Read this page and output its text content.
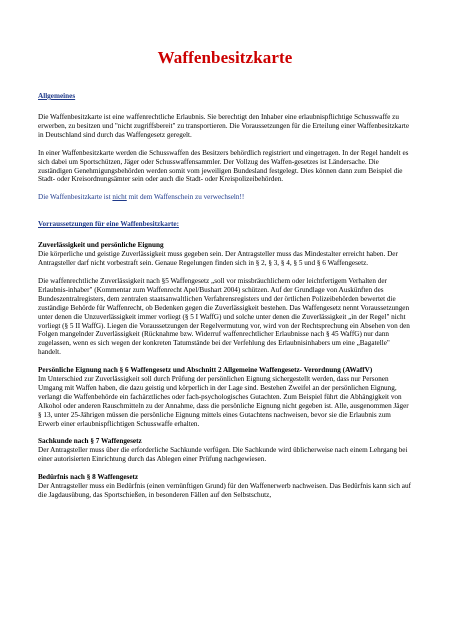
Waffenbesitzkarte
Allgemeines

Die Waffenbesitzkarte ist eine waffenrechtliche Erlaubnis. Sie berechtigt den Inhaber eine erlaubnispflichtige Schusswaffe zu erwerben, zu besitzen und "nicht zugriffsbereit" zu transportieren. Die Voraussetzungen für die Erteilung einer Waffenbesitzkarte in Deutschland sind durch das Waffengesetz geregelt.

In einer Waffenbesitzkarte werden die Schusswaffen des Besitzers behördlich registriert und eingetragen. In der Regel handelt es sich dabei um Sportschützen, Jäger oder Schusswaffensammler. Der Vollzug des Waffen-gesetzes ist Ländersache. Die zuständigen Genehmigungsbehörden werden somit vom jeweiligen Bundesland festgelegt. Dies können dann zum Beispiel die Stadt- oder Kreisordnungsämter sein oder auch die Stadt- oder Kreispolizeibehörden.

Die Waffenbesitzkarte ist nicht mit dem Waffenschein zu verwechseln!!

Vorraussetzungen für eine Waffenbesitzkarte:
Zuverlässigkeit und persönliche Eignung

Die körperliche und geistige Zuverlässigkeit muss gegeben sein. Der Antragsteller muss das Mindestalter erreicht haben. Der Antragsteller darf nicht vorbestraft sein. Genaue Regelungen finden sich in § 2, § 3, § 4, § 5 und § 6 Waffengesetz.

Die waffenrechtliche Zuverlässigkeit nach §5 Waffengesetz „soll vor missbräuchlichem oder leichtfertigem Verhalten der Erlaubnis-inhaber" (Kommentar zum Waffenrecht Apel/Bushart 2004) schützen. Auf der Grundlage von Auskünften des Bundeszentralregisters, dem zentralen staatsanwaltlichen Verfahrensregisters und der örtlichen Polizeibehörden bewertet die zuständige Behörde für Waffenrecht, ob Bedenken gegen die Zuverlässigkeit bestehen. Das Waffengesetz nennt Voraussetzungen unter denen die Unzuverlässigkeit immer vorliegt (§ 5 I WaffG) und solche unter denen die Zuverlässigkeit „in der Regel" nicht vorliegt (§ 5 II WaffG). Liegen die Voraussetzungen der Regelvermutung vor, wird von der Rechtsprechung ein Absehen von den Folgen mangelnder Zuverlässigkeit (Rücknahme bzw. Widerruf waffenrechtlicher Erlaubnisse nach § 45 WaffG) nur dann zugelassen, wenn es sich wegen der konkreten Tatumstände bei der Verfehlung des Erlaubnisinhabers um eine „Bagatelle" handelt.

Persönliche Eignung nach § 6 Waffengesetz und Abschnitt 2 Allgemeine Waffengesetz- Verordnung (AWaffV)

Im Unterschied zur Zuverlässigkeit soll durch Prüfung der persönlichen Eignung sichergestellt werden, dass nur Personen Umgang mit Waffen haben, die dazu geistig und körperlich in der Lage sind. Bestehen Zweifel an der persönlichen Eignung, verlangt die Waffenbehörde ein fachärztliches oder fach-psychologisches Gutachten. Zum Beispiel führt die Abhängigkeit von Alkohol oder anderen Rauschmitteln zu der Annahme, dass die persönliche Eignung nicht gegeben ist. Alle, ausgenommen Jäger § 13, unter 25-Jährigen müssen die persönliche Eignung mittels eines Gutachtens nachweisen, bevor sie die Erlaubnis zum Erwerb einer erlaubnispflichtigen Schusswaffe erhalten.

Sachkunde nach § 7 Waffengesetz

Der Antragsteller muss über die erforderliche Sachkunde verfügen. Die Sachkunde wird üblicherweise nach einem Lehrgang bei einer autorisierten Einrichtung durch das Ablegen einer Prüfung nachgewiesen.

Bedürfnis nach § 8 Waffengesetz

Der Antragsteller muss ein Bedürfnis (einen vernünftigen Grund) für den Waffenerwerb nachweisen. Das Bedürfnis kann sich auf die Jagdausübung, das Sportschießen, in besonderen Fällen auf den Selbstschutz,
